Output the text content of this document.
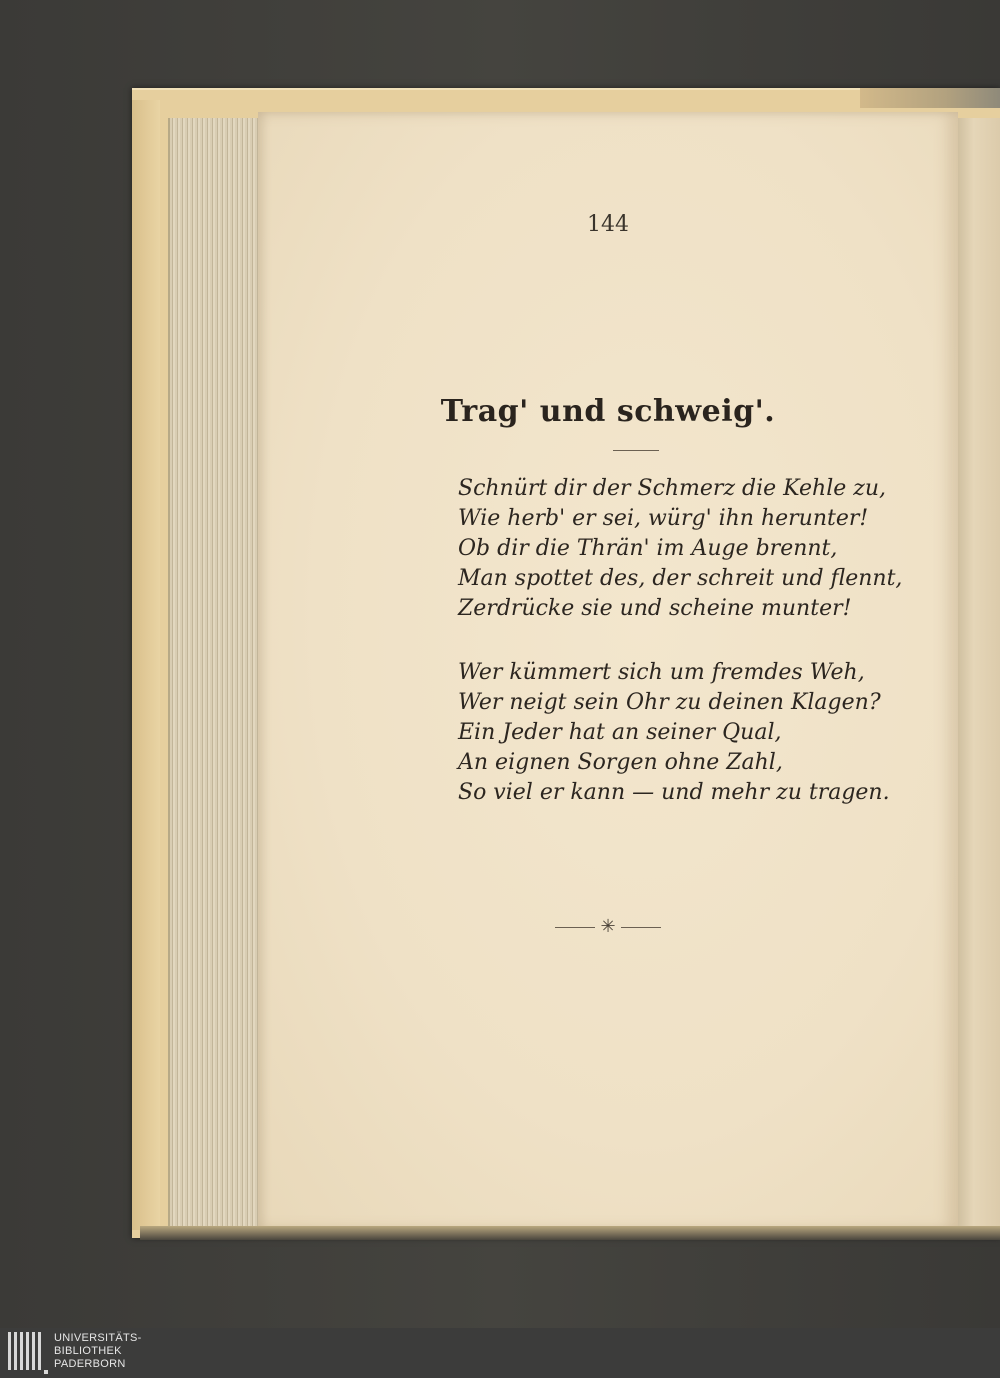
144
Trag' und schweig'.
Schnürt dir der Schmerz die Kehle zu,
Wie herb' er sei, würg' ihn herunter!
Ob dir die Thrän' im Auge brennt,
Man spottet des, der schreit und flennt,
Zerdrücke sie und scheine munter!
Wer kümmert sich um fremdes Weh,
Wer neigt sein Ohr zu deinen Klagen?
Ein Jeder hat an seiner Qual,
An eignen Sorgen ohne Zahl,
So viel er kann — und mehr zu tragen.
✳
UNIVERSITÄTS-
BIBLIOTHEK
PADERBORN
